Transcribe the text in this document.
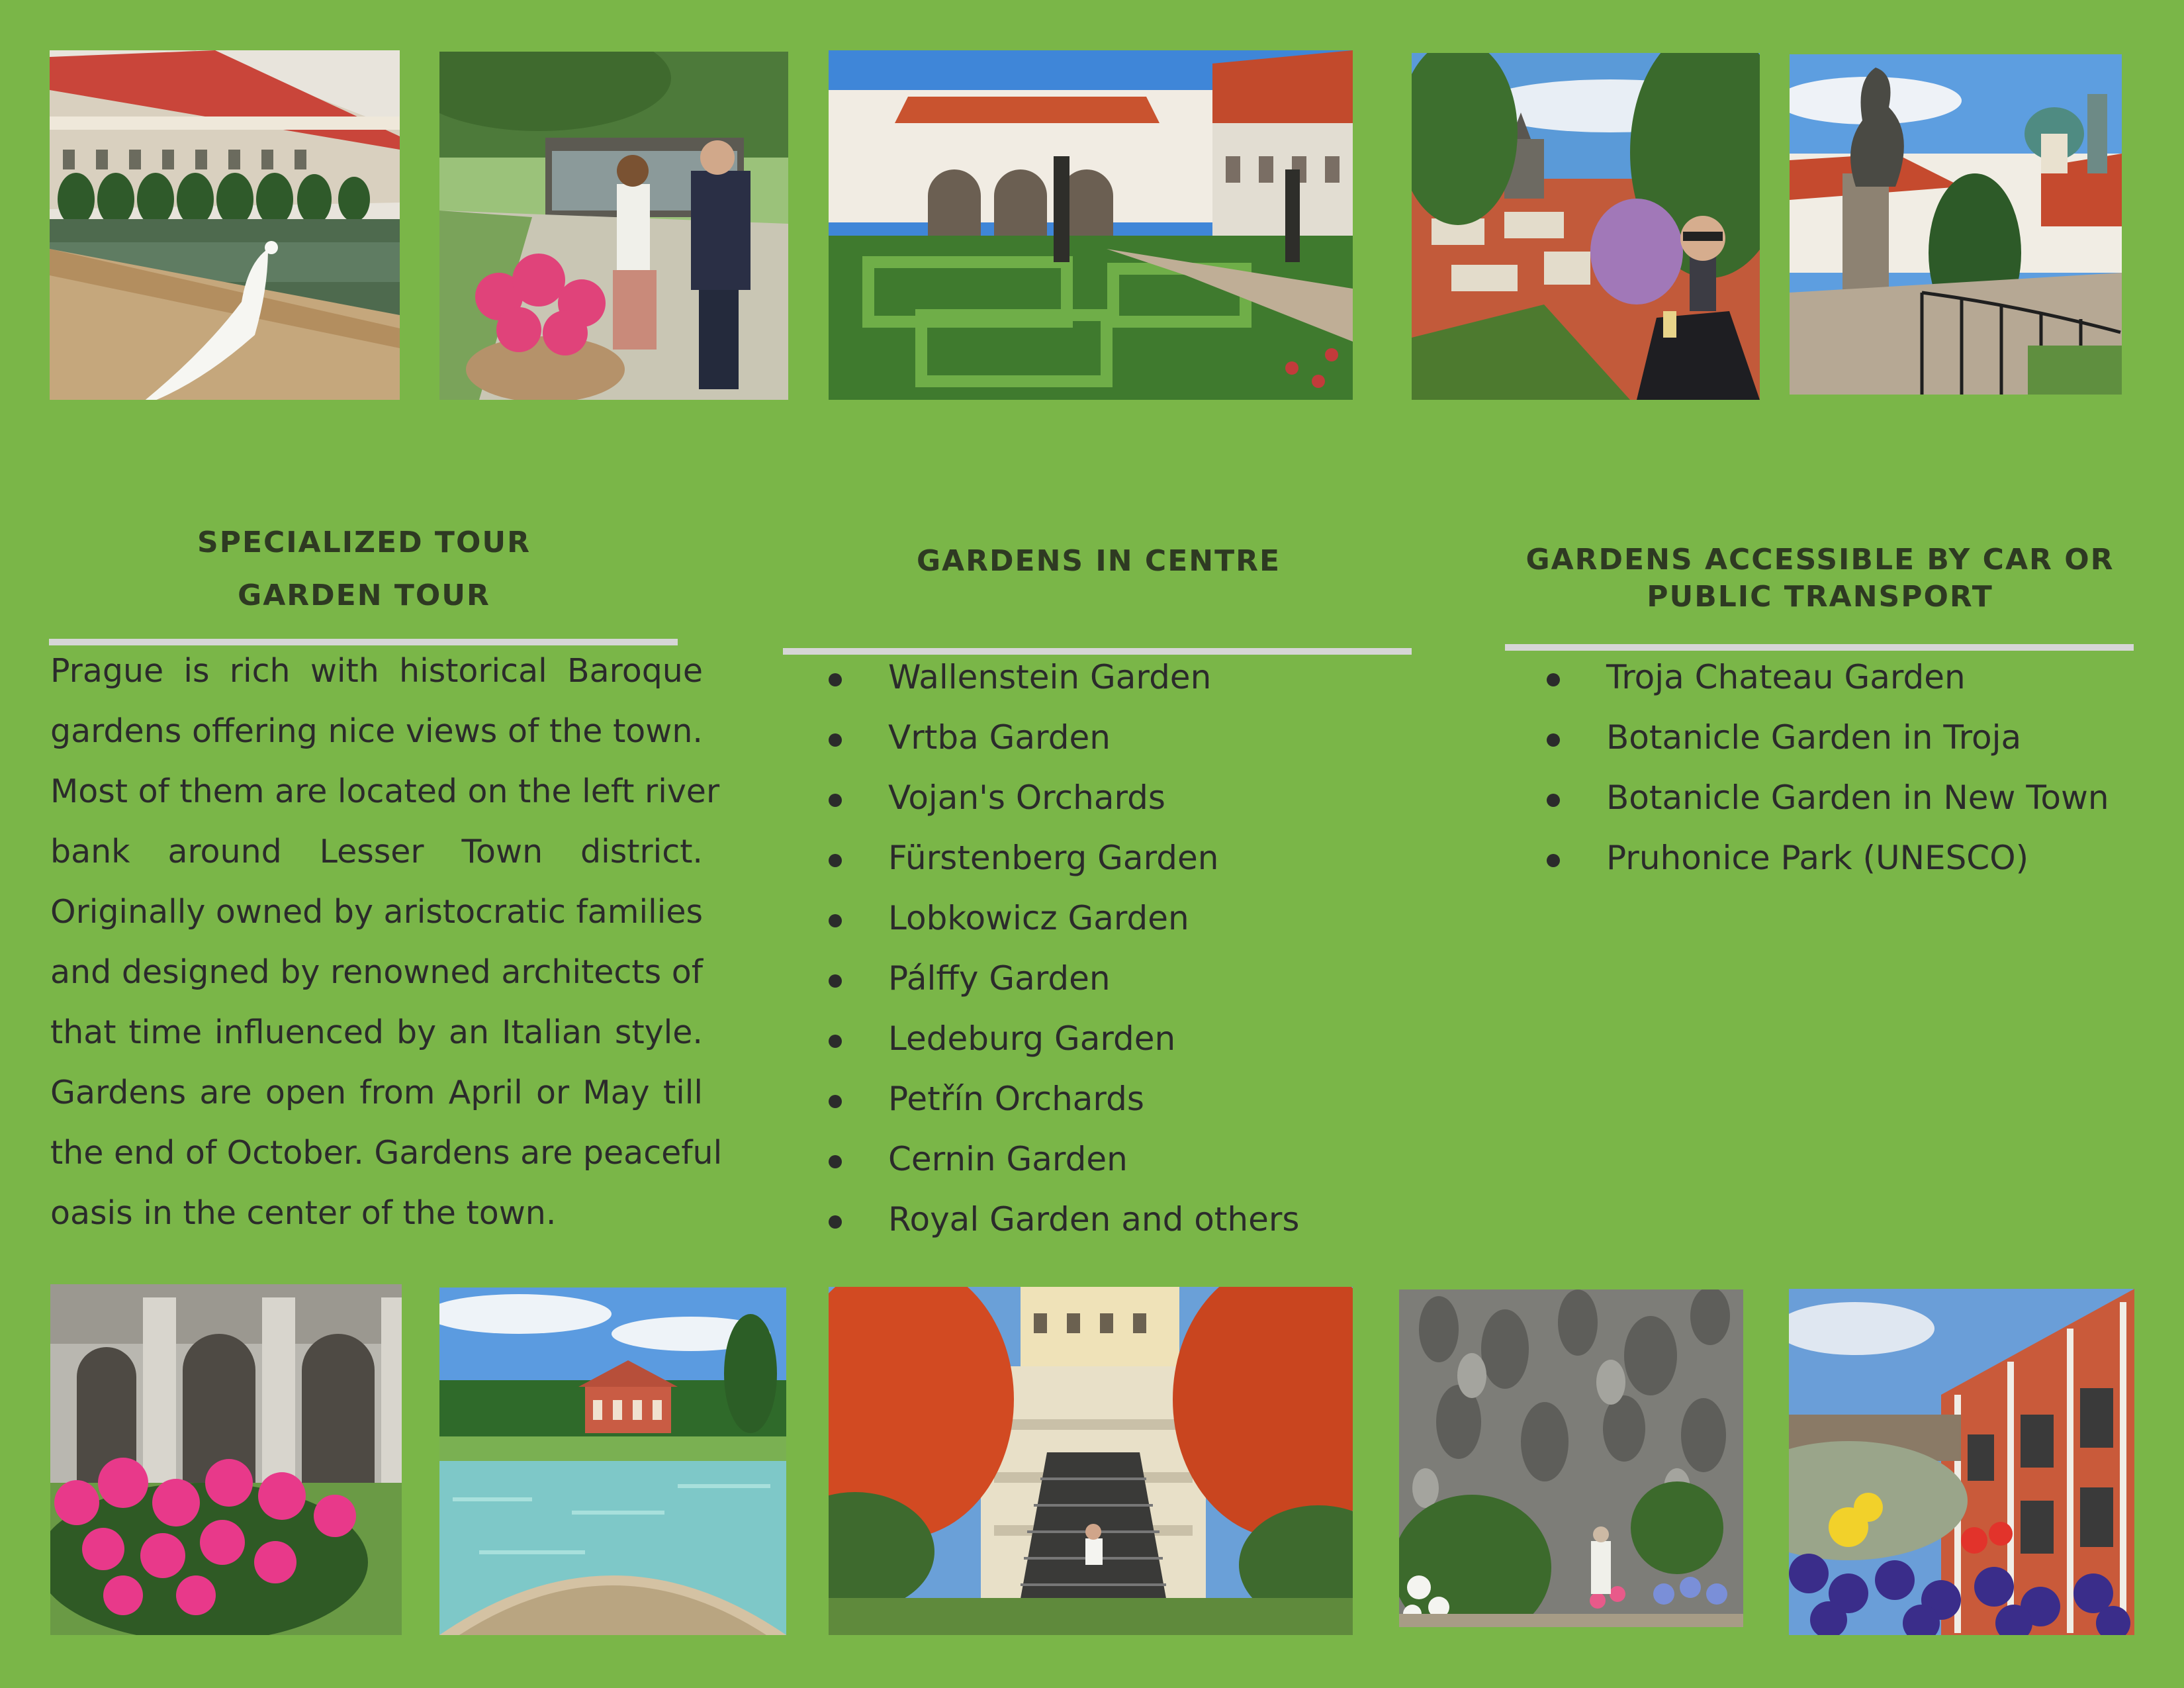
SPECIALIZED TOUR
GARDEN TOUR
Prague is rich with historical Baroque
gardens offering nice views of the town.
Most of them are located on the left river
bank around Lesser Town district.
Originally owned by aristocratic families
and designed by renowned architects of
that time influenced by an Italian style.
Gardens are open from April or May till
the end of October. Gardens are peaceful
oasis in the center of the town.
GARDENS IN CENTRE
Wallenstein Garden
Vrtba Garden
Vojan's Orchards
Fürstenberg Garden
Lobkowicz Garden
Pálffy Garden
Ledeburg Garden
Petřín Orchards
Cernin Garden
Royal Garden and others
GARDENS ACCESSIBLE BY CAR OR
PUBLIC TRANSPORT
Troja Chateau Garden
Botanicle Garden in Troja
Botanicle Garden in New Town
Pruhonice Park (UNESCO)
